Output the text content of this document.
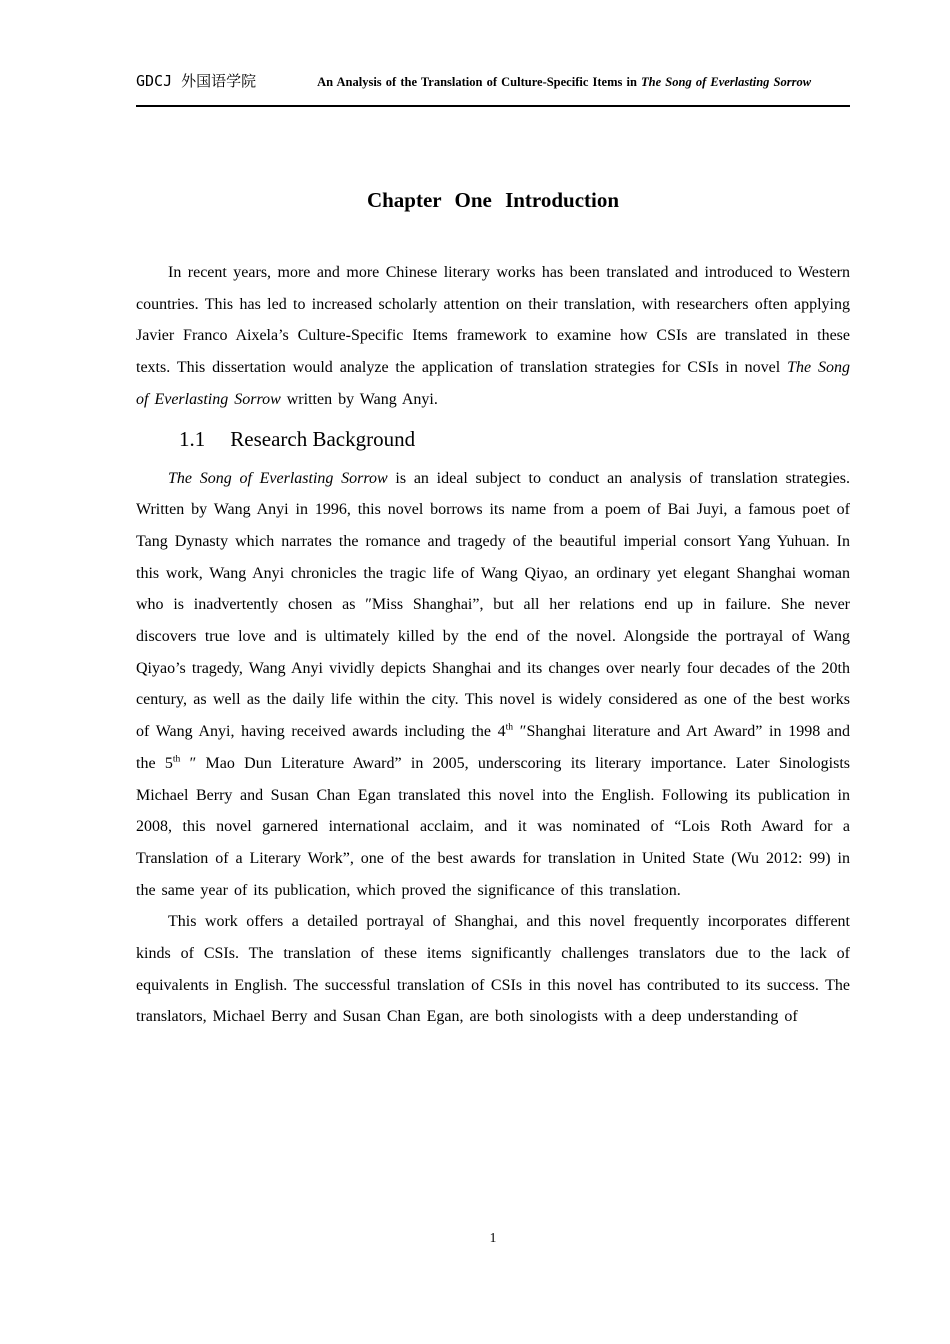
GDCJ 外国语学院	An Analysis of the Translation of Culture-Specific Items in The Song of Everlasting Sorrow
Chapter One Introduction

In recent years, more and more Chinese literary works has been translated and introduced to Western countries. This has led to increased scholarly attention on their translation, with researchers often applying Javier Franco Aixela’s Culture-Specific Items framework to examine how CSIs are translated in these texts. This dissertation would analyze the application of translation strategies for CSIs in novel The Song of Everlasting Sorrow written by Wang Anyi.

1.1 Research Background

The Song of Everlasting Sorrow is an ideal subject to conduct an analysis of translation strategies. Written by Wang Anyi in 1996, this novel borrows its name from a poem of Bai Juyi, a famous poet of Tang Dynasty which narrates the romance and tragedy of the beautiful imperial consort Yang Yuhuan. In this work, Wang Anyi chronicles the tragic life of Wang Qiyao, an ordinary yet elegant Shanghai woman who is inadvertently chosen as ″Miss Shanghai”, but all her relations end up in failure. She never discovers true love and is ultimately killed by the end of the novel. Alongside the portrayal of Wang Qiyao’s tragedy, Wang Anyi vividly depicts Shanghai and its changes over nearly four decades of the 20th century, as well as the daily life within the city. This novel is widely considered as one of the best works of Wang Anyi, having received awards including the 4th ″Shanghai literature and Art Award” in 1998 and the 5th ″ Mao Dun Literature Award” in 2005, underscoring its literary importance. Later Sinologists Michael Berry and Susan Chan Egan translated this novel into the English. Following its publication in 2008, this novel garnered international acclaim, and it was nominated of “Lois Roth Award for a Translation of a Literary Work”, one of the best awards for translation in United State (Wu 2012: 99) in the same year of its publication, which proved the significance of this translation.

This work offers a detailed portrayal of Shanghai, and this novel frequently incorporates different kinds of CSIs. The translation of these items significantly challenges translators due to the lack of equivalents in English. The successful translation of CSIs in this novel has contributed to its success. The translators, Michael Berry and Susan Chan Egan, are both sinologists with a deep understanding of

1
